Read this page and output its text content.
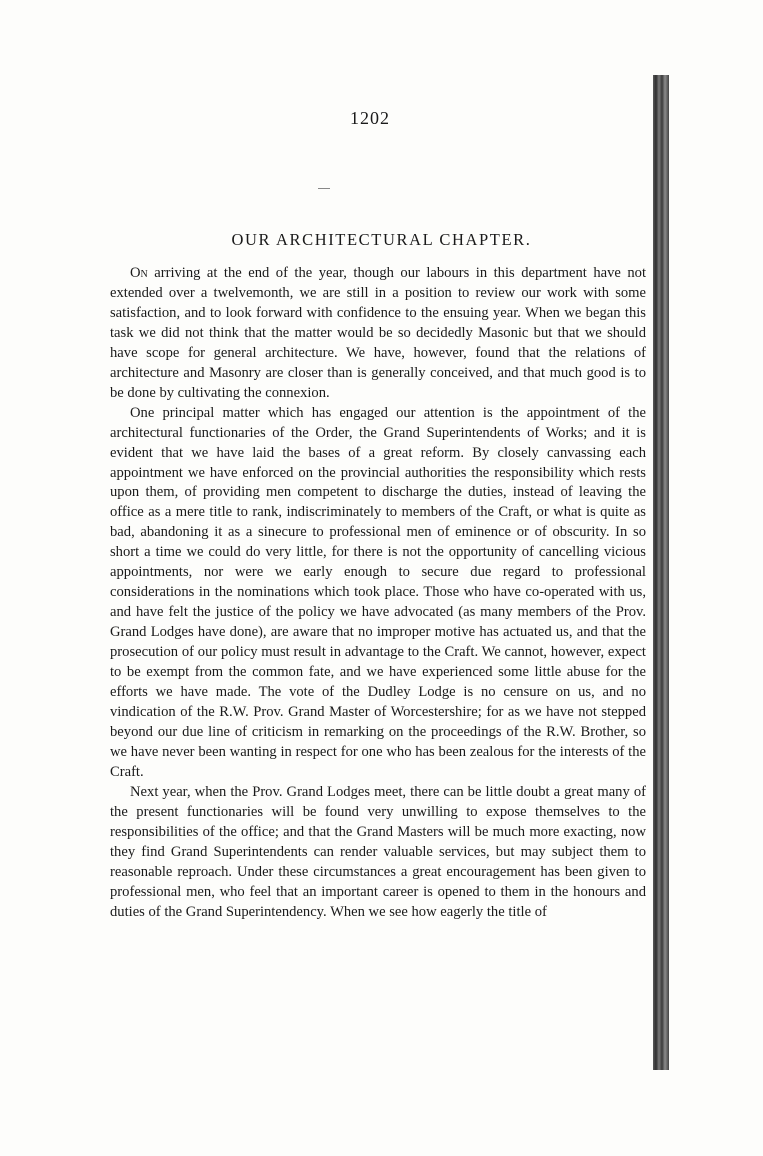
1202
OUR ARCHITECTURAL CHAPTER.

On arriving at the end of the year, though our labours in this department have not extended over a twelvemonth, we are still in a position to review our work with some satisfaction, and to look forward with confidence to the ensuing year. When we began this task we did not think that the matter would be so decidedly Masonic but that we should have scope for general architecture. We have, however, found that the relations of architecture and Masonry are closer than is generally conceived, and that much good is to be done by cultivating the connexion.

One principal matter which has engaged our attention is the appointment of the architectural functionaries of the Order, the Grand Superintendents of Works; and it is evident that we have laid the bases of a great reform. By closely canvassing each appointment we have enforced on the provincial authorities the responsibility which rests upon them, of providing men competent to discharge the duties, instead of leaving the office as a mere title to rank, indiscriminately to members of the Craft, or what is quite as bad, abandoning it as a sinecure to professional men of eminence or of obscurity. In so short a time we could do very little, for there is not the opportunity of cancelling vicious appointments, nor were we early enough to secure due regard to professional considerations in the nominations which took place. Those who have co-operated with us, and have felt the justice of the policy we have advocated (as many members of the Prov. Grand Lodges have done), are aware that no improper motive has actuated us, and that the prosecution of our policy must result in advantage to the Craft. We cannot, however, expect to be exempt from the common fate, and we have experienced some little abuse for the efforts we have made. The vote of the Dudley Lodge is no censure on us, and no vindication of the R.W. Prov. Grand Master of Worcestershire; for as we have not stepped beyond our due line of criticism in remarking on the proceedings of the R.W. Brother, so we have never been wanting in respect for one who has been zealous for the interests of the Craft.

Next year, when the Prov. Grand Lodges meet, there can be little doubt a great many of the present functionaries will be found very unwilling to expose themselves to the responsibilities of the office; and that the Grand Masters will be much more exacting, now they find Grand Superintendents can render valuable services, but may subject them to reasonable reproach. Under these circumstances a great encouragement has been given to professional men, who feel that an important career is opened to them in the honours and duties of the Grand Superintendency. When we see how eagerly the title of
